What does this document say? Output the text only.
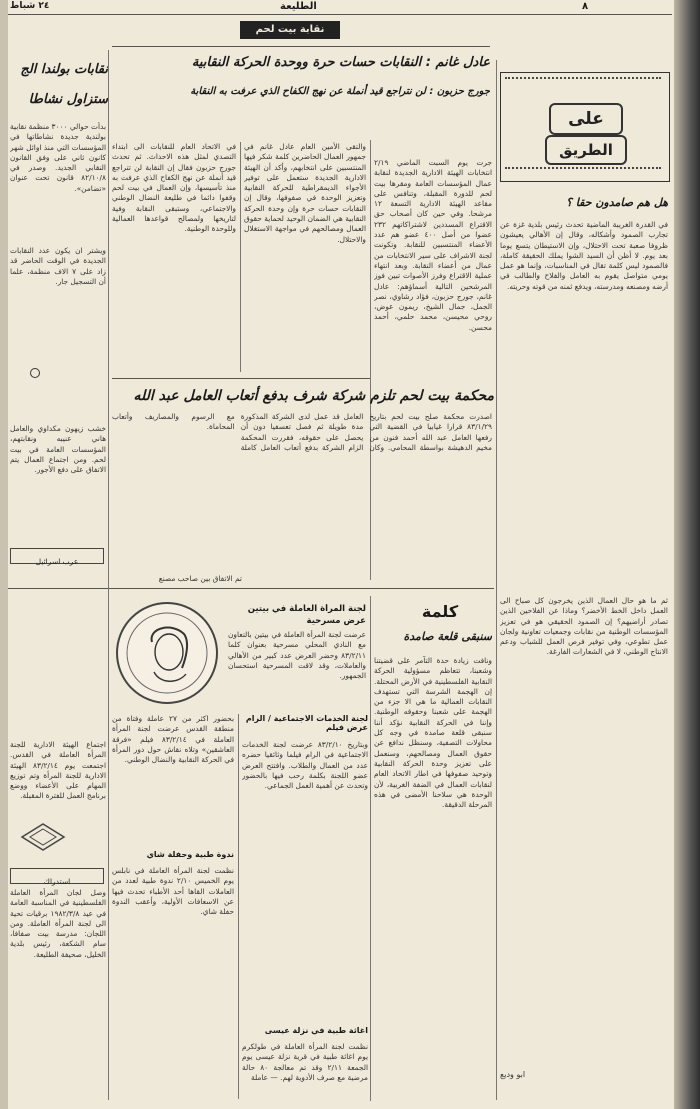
٢٤ شباط	الطليعة	٨
نقابة بيت لحم
عادل غانم : النقابات حسات حرة ووحدة الحركة النقابية
جورج حزبون : لن نتراجع قيد أنملة عن نهج الكفاح الذي عرفت به النقابة
جرت يوم السبت الماضي ٢/١٩ انتخابات الهيئة الادارية الجديدة لنقابة عمال المؤسسات العامة ومقرها بيت لحم للدورة المقبلة، وتنافس على مقاعد الهيئة الادارية التسعة ١٢ مرشحا. وفي حين كان أصحاب حق الاقتراع المسددين لاشتراكاتهم ٢٣٢ عضوا من أصل ٤٠٠ عضو هم عدد الأعضاء المنتسبين للنقابة. وتكونت لجنة الاشراف على سير الانتخابات من عمال من أعضاء النقابة. وبعد انتهاء عملية الاقتراع وفرز الأصوات تبين فوز المرشحين التالية أسماؤهم: عادل غانم، جورج حزبون، فؤاد رشاوي، نصر الجمل، جمال الشيخ، ريمون عوض، روحي محيسن، محمد حلمي، أحمد محسن.
والتقى الأمين العام عادل غانم في جمهور العمال الحاضرين كلمة شكر فيها المنتسبين على انتخابهم، وأكد أن الهيئة الادارية الجديدة ستعمل على توفير الأجواء الديمقراطية للحركة النقابية وتعزيز الوحدة في صفوفها، وقال إن النقابات حسات حرة وإن وحدة الحركة النقابية هي الضمان الوحيد لحماية حقوق العمال ومصالحهم في مواجهة الاستغلال والاحتلال.
في الاتحاد العام للنقابات الى ابتداء التصدي لمثل هذه الاحداث. ثم تحدث جورج حزبون فقال إن النقابة لن تتراجع قيد أنملة عن نهج الكفاح الذي عرفت به منذ تأسيسها، وإن العمال في بيت لحم وقفوا دائما في طليعة النضال الوطني والاجتماعي، وستبقى النقابة وفية لتاريخها ولمصالح قواعدها العمالية وللوحدة الوطنية.
على
الطريق
هل هم صامدون حقا ؟
في القدرة الغريبة الماضية تحدث رئيس بلدية غزة عن تجارب الصمود وأشكاله، وقال إن الأهالي يعيشون ظروفا صعبة تحت الاحتلال، وإن الاستيطان يتسع يوما بعد يوم. لا أظن أن السيد الشوا يملك الحقيقة كاملة، فالصمود ليس كلمة تقال في المناسبات، وإنما هو عمل يومي متواصل يقوم به العامل والفلاح والطالب في أرضه ومصنعه ومدرسته، ويدفع ثمنه من قوته وحريته.
ثم ما هو حال العمال الذين يخرجون كل صباح الى العمل داخل الخط الأخضر؟ وماذا عن الفلاحين الذين تصادر أراضيهم؟ إن الصمود الحقيقي هو في تعزيز المؤسسات الوطنية من نقابات وجمعيات تعاونية ولجان عمل تطوعي، وفي توفير فرص العمل للشباب ودعم الانتاج الوطني، لا في الشعارات الفارغة.
ابو وديع
محكمة بيت لحم تلزم شركة شرف بدفع أتعاب العامل عبد الله
اصدرت محكمة صلح بيت لحم بتاريخ ٨٣/١/٢٩ قرارا غيابيا في القضية التي رفعها العامل عبد الله أحمد فنون من مخيم الدهيشة بواسطة المحامي. وكان العامل قد عمل لدى الشركة المذكورة مدة طويلة ثم فصل تعسفيا دون أن يحصل على حقوقه، فقررت المحكمة الزام الشركة بدفع أتعاب العامل كاملة مع الرسوم والمصاريف وأتعاب المحاماة.
تم الاتفاق بين صاحب مصنع
نقابات بولندا الج
ستزاول نشاطا
بدأت حوالي ٣٠٠٠ منظمة نقابية بولندية جديدة نشاطاتها في المؤسسات التي منذ اوائل شهر كانون ثاني على وفق القانون النقابي الجديد. وصدر في ٨٢/١٠/٨ قانون تحت عنوان «تضامن».
ويشتر ان يكون عدد النقابات الجديدة في الوقت الحاضر قد زاد على ٧ الاف منظمة، علما أن التسجيل جار.
خشب زيهون مكداوي والعامل هاني عنيبه ونقابتهم، المؤسسات العامة في بيت لحم. ومن اجتماع العمال يتم الاتفاق على دفع الأجور.
عرب اسرائيل
اجتماع الهيئة الادارية للجنة المرأة العاملة في القدس. اجتمعت يوم ٨٣/٢/١٤ الهيئة الادارية للجنة المرأة وتم توزيع المهام على الأعضاء ووضع برنامج العمل للفترة المقبلة.
استدراك
وصل لجان المرأة العاملة الفلسطينية في المناسبة العامة في عيد ١٩٨٢/٣/٨ برقيات تحية الى لجنة المرأة العاملة. ومن اللجان: مدرسة بيت صفافا، سام الشكعة، رئيس بلدية الخليل، صحيفة الطليعة.
كلمة
سنبقى قلعة صامدة
ونافت زيادة حدة التآمر على قضيتنا وشعبنا، تتعاظم مسؤولية الحركة النقابية الفلسطينية في الأرض المحتلة. إن الهجمة الشرسة التي تستهدف النقابات العمالية ما هي الا جزء من الهجمة على شعبنا وحقوقه الوطنية. وإننا في الحركة النقابية نؤكد أننا سنبقى قلعة صامدة في وجه كل محاولات التصفية، وسنظل ندافع عن حقوق العمال ومصالحهم، وسنعمل على تعزيز وحدة الحركة النقابية وتوحيد صفوفها في اطار الاتحاد العام لنقابات العمال في الضفة الغربية، لأن الوحدة هي سلاحنا الأمضى في هذه المرحلة الدقيقة.
لجنة المرأة العاملة في بيتين
عرض مسرحية
عرضت لجنة المرأة العاملة في بيتين بالتعاون مع النادي المحلي مسرحية بعنوان كلما ٨٣/٢/١١ وحضر العرض عدد كبير من الأهالي والعاملات، وقد لاقت المسرحية استحسان الجمهور.
بحضور اكثر من ٢٧ عاملة وفتاة من منطقة القدس عرضت لجنة المرأة العاملة في ٨٣/٢/١٤ فيلم «فرقة العاشقين» وتلاه نقاش حول دور المرأة في الحركة النقابية والنضال الوطني.
لجنة الخدمات الاجتماعية / الرام عرض فيلم
وبتاريخ ٨٣/٢/١٠ عرضت لجنة الخدمات الاجتماعية في الرام فيلما وثائقيا حضره عدد من العمال والطلاب. وافتتح العرض عضو اللجنة بكلمة رحب فيها بالحضور وتحدث عن أهمية العمل الجماعي.
ندوة طبية وحفلة شاي
نظمت لجنة المرأة العاملة في نابلس يوم الخميس ٢/١٠ ندوة طبية لعدد من العاملات القاها أحد الأطباء تحدث فيها عن الاسعافات الأولية، وأعقب الندوة حفلة شاي.
اغاثة طبية في نزلة عيسى
نظمت لجنة المرأة العاملة في طولكرم يوم اغاثة طبية في قرية نزلة عيسى يوم الجمعة ٢/١١ وقد تم معالجة ٨٠ حالة مرضية مع صرف الأدوية لهم. — عاملة
